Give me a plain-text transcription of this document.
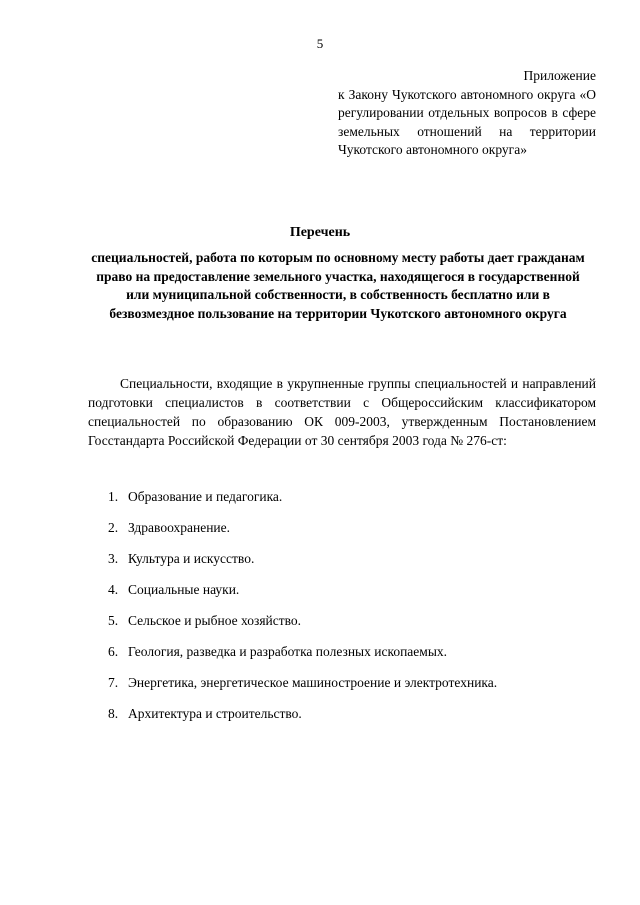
5
Приложение
к Закону Чукотского автономного округа «О регулировании отдельных вопросов в сфере земельных отношений на территории Чукотского автономного округа»
Перечень
специальностей, работа по которым по основному месту работы дает гражданам право на предоставление земельного участка, находящегося в государственной или муниципальной собственности, в собственность бесплатно или в безвозмездное пользование на территории Чукотского автономного округа
Специальности, входящие в укрупненные группы специальностей и направлений подготовки специалистов в соответствии с Общероссийским классификатором специальностей по образованию ОК 009-2003, утвержденным Постановлением Госстандарта Российской Федерации от 30 сентября 2003 года № 276-ст:
1. Образование и педагогика.
2. Здравоохранение.
3. Культура и искусство.
4. Социальные науки.
5. Сельское и рыбное хозяйство.
6. Геология, разведка и разработка полезных ископаемых.
7. Энергетика, энергетическое машиностроение и электротехника.
8. Архитектура и строительство.
